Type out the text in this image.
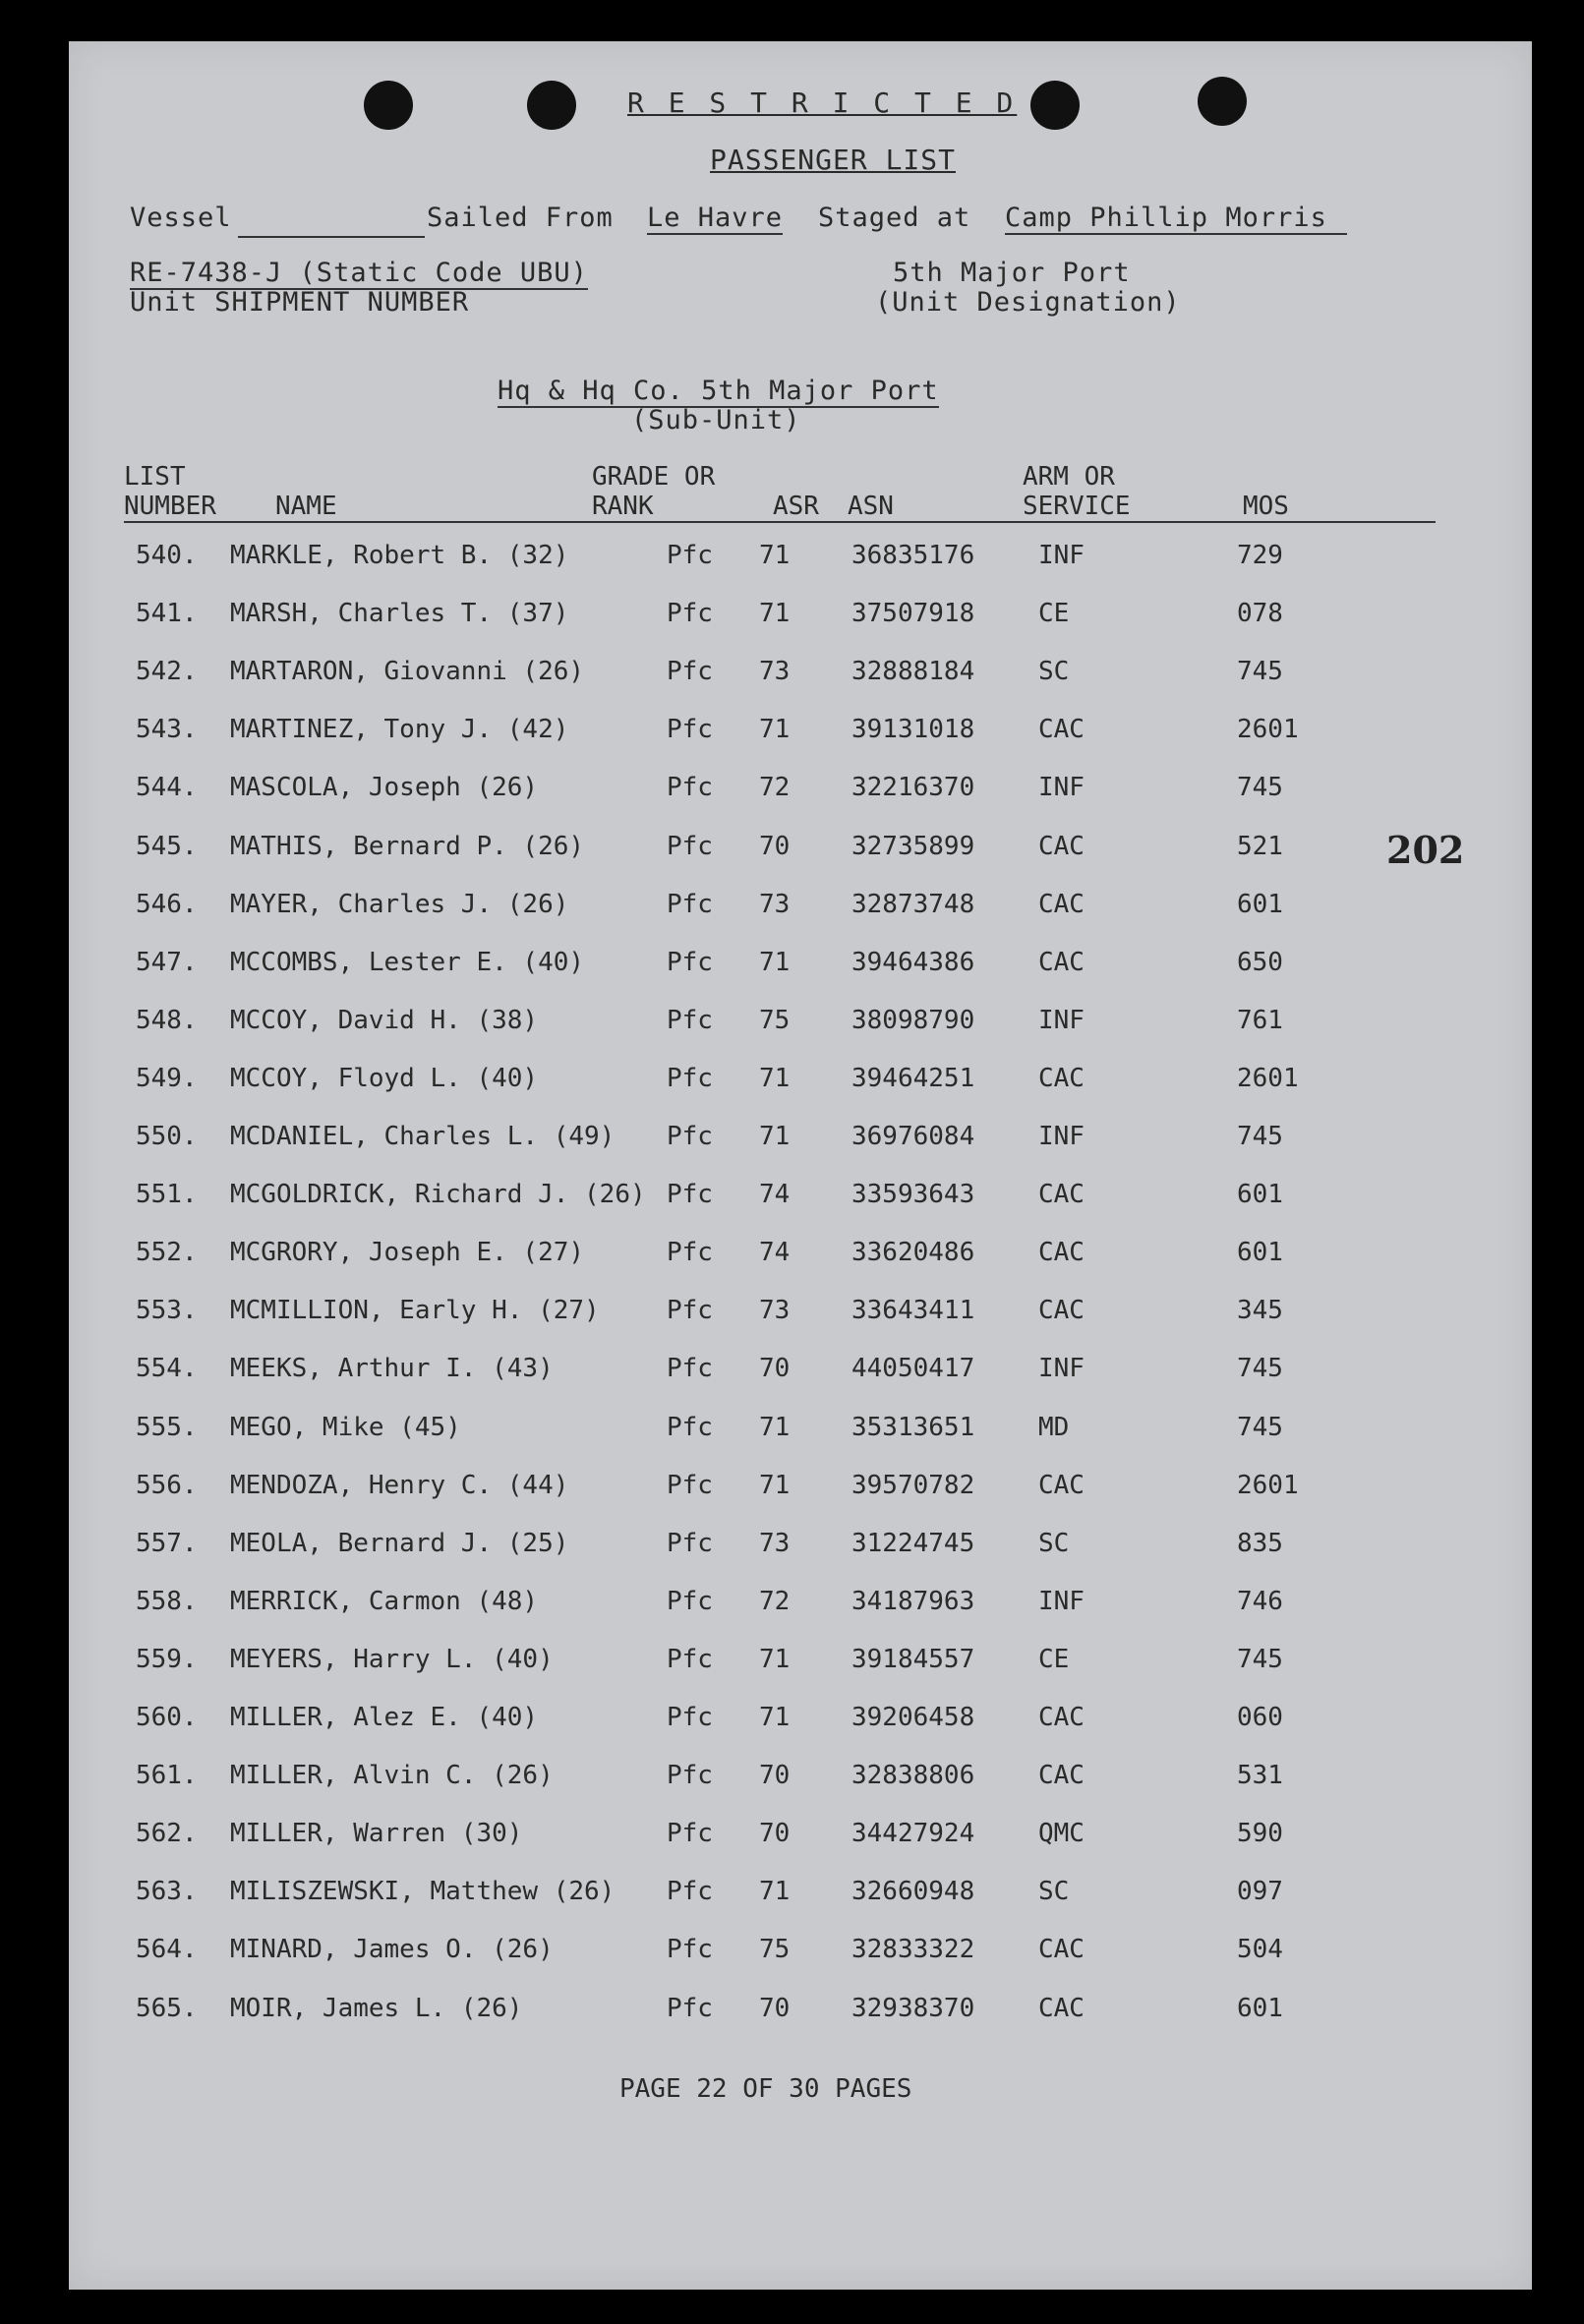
R E S T R I C T E D
PASSENGER LIST
Vessel	Sailed From Le Havre Staged at Camp Phillip Morris
RE-7438-J (Static Code UBU)
Unit SHIPMENT NUMBER
5th Major Port
(Unit Designation)
Hq & Hq Co. 5th Major Port
(Sub-Unit)
LIST
NUMBER NAME
GRADE OR
RANK	ASR ASN
ARM OR
SERVICE	MOS
540. MARKLE, Robert B. (32)	Pfc 71 36835176 INF	729
541. MARSH, Charles T. (37)	Pfc 71 37507918 CE	078
542. MARTARON, Giovanni (26)	Pfc 73 32888184 SC	745
543. MARTINEZ, Tony J. (42)	Pfc 71 39131018 CAC	2601
544. MASCOLA, Joseph (26)	Pfc 72 32216370 INF	745
545. MATHIS, Bernard P. (26)	Pfc 70 32735899 CAC	521
546. MAYER, Charles J. (26)	Pfc 73 32873748 CAC	601
547. MCCOMBS, Lester E. (40)	Pfc 71 39464386 CAC	650
548. MCCOY, David H. (38)	Pfc 75 38098790 INF	761
549. MCCOY, Floyd L. (40)	Pfc 71 39464251 CAC	2601
550. MCDANIEL, Charles L. (49) Pfc 71 36976084 INF	745
551. MCGOLDRICK, Richard J. (26) Pfc 74 33593643 CAC	601
552. MCGRORY, Joseph E. (27)	Pfc 74 33620486 CAC	601
553. MCMILLION, Early H. (27)	Pfc 73 33643411 CAC	345
554. MEEKS, Arthur I. (43)	Pfc 70 44050417 INF	745
555. MEGO, Mike (45)	Pfc 71 35313651 MD	745
556. MENDOZA, Henry C. (44)	Pfc 71 39570782 CAC	2601
557. MEOLA, Bernard J. (25)	Pfc 73 31224745 SC	835
558. MERRICK, Carmon (48)	Pfc 72 34187963 INF	746
559. MEYERS, Harry L. (40)	Pfc 71 39184557 CE	745
560. MILLER, Alez E. (40)	Pfc 71 39206458 CAC	060
561. MILLER, Alvin C. (26)	Pfc 70 32838806 CAC	531
562. MILLER, Warren (30)	Pfc 70 34427924 QMC	590
563. MILISZEWSKI, Matthew (26) Pfc 71 32660948 SC	097
564. MINARD, James O. (26)	Pfc 75 32833322 CAC	504
565. MOIR, James L. (26)	Pfc 70 32938370 CAC	601
202
PAGE 22 OF 30 PAGES
